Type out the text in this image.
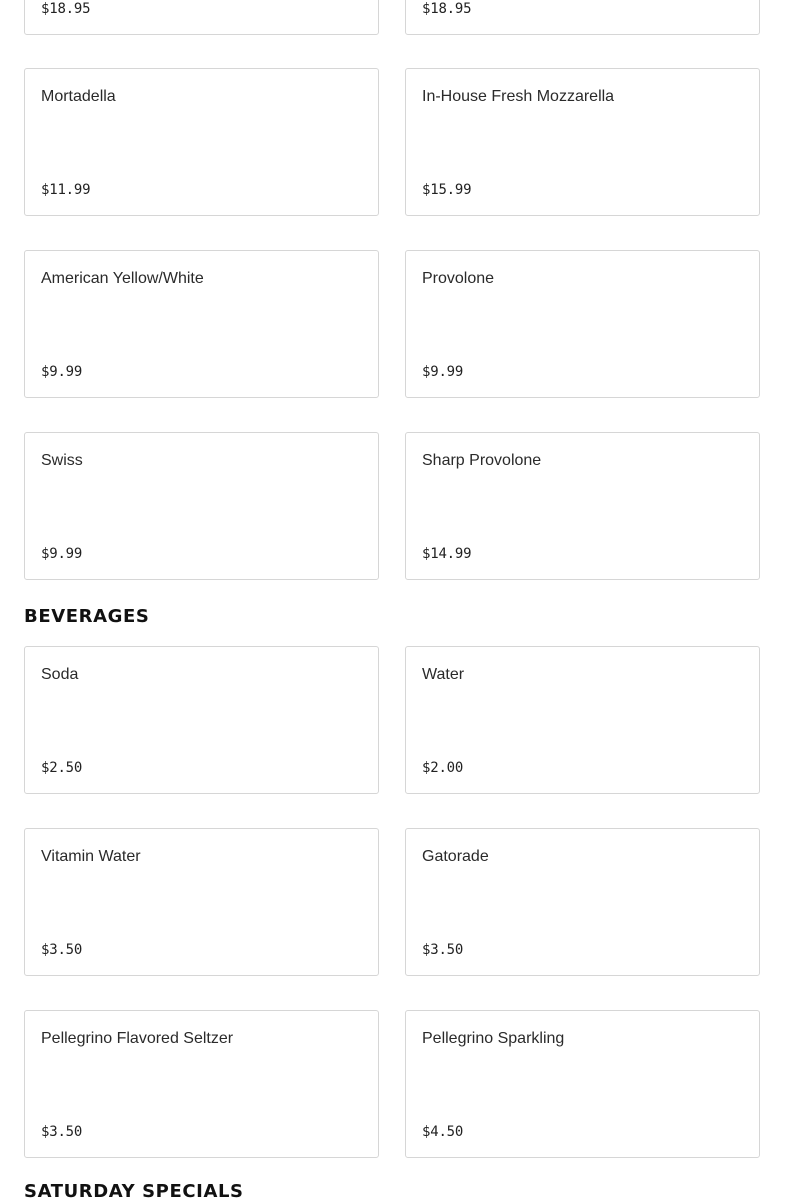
$18.95	$18.95
Mortadella
$11.99
In-House Fresh Mozzarella
$15.99
American Yellow/White
$9.99
Provolone
$9.99
Swiss
$9.99
Sharp Provolone
$14.99
BEVERAGES
Soda
$2.50
Water
$2.00
Vitamin Water
$3.50
Gatorade
$3.50
Pellegrino Flavored Seltzer
$3.50
Pellegrino Sparkling
$4.50
SATURDAY SPECIALS
